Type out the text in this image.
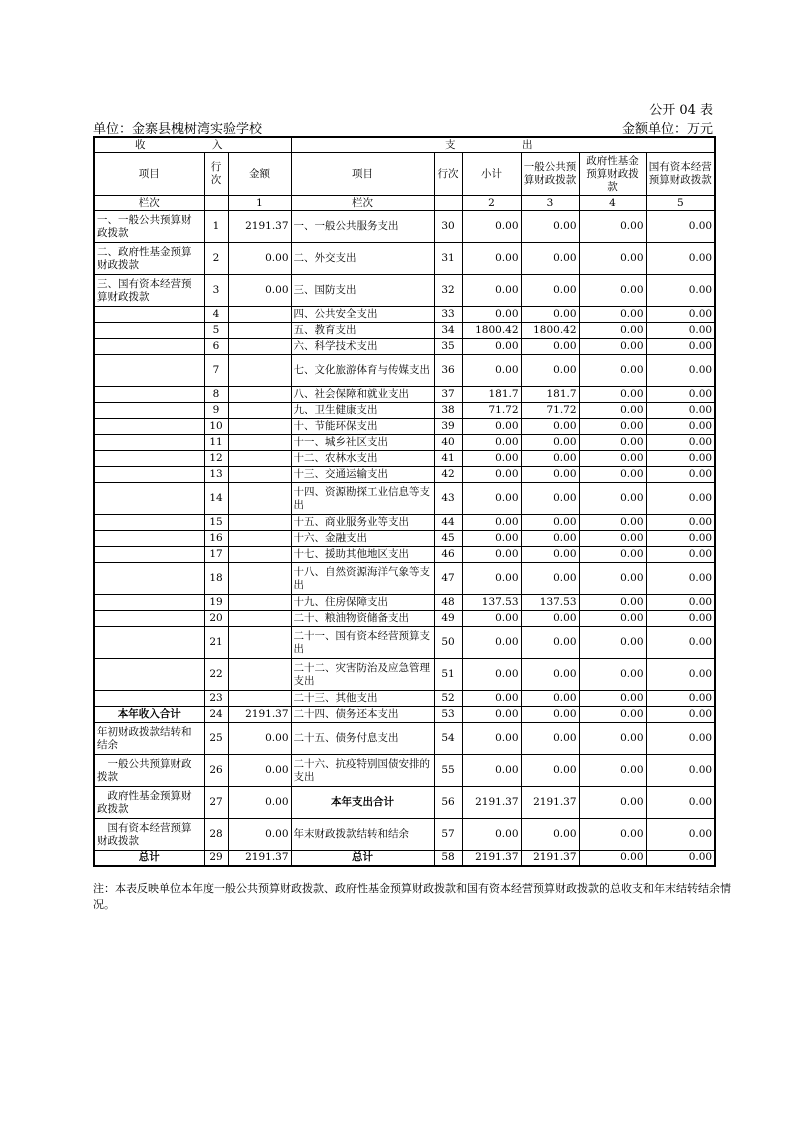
公开 04 表
单位：金寨县槐树湾实验学校	金额单位：万元
收　入			支　出					
项目	行次	金额	项目	行次	小计	一般公共预算财政拨款	政府性基金预算财政拨款	国有资本经营预算财政拨款
栏次		1	栏次		2	3	4	5
一、一般公共预算财政拨款	1	2191.37	一、一般公共服务支出	30	0.00	0.00	0.00	0.00
二、政府性基金预算财政拨款	2	0.00	二、外交支出	31	0.00	0.00	0.00	0.00
三、国有资本经营预算财政拨款	3	0.00	三、国防支出	32	0.00	0.00	0.00	0.00
	4		四、公共安全支出	33	0.00	0.00	0.00	0.00
	5		五、教育支出	34	1800.42	1800.42	0.00	0.00
	6		六、科学技术支出	35	0.00	0.00	0.00	0.00
	7		七、文化旅游体育与传媒支出	36	0.00	0.00	0.00	0.00
	8		八、社会保障和就业支出	37	181.7	181.7	0.00	0.00
	9		九、卫生健康支出	38	71.72	71.72	0.00	0.00
	10		十、节能环保支出	39	0.00	0.00	0.00	0.00
	11		十一、城乡社区支出	40	0.00	0.00	0.00	0.00
	12		十二、农林水支出	41	0.00	0.00	0.00	0.00
	13		十三、交通运输支出	42	0.00	0.00	0.00	0.00
	14		十四、资源勘探工业信息等支出	43	0.00	0.00	0.00	0.00
	15		十五、商业服务业等支出	44	0.00	0.00	0.00	0.00
	16		十六、金融支出	45	0.00	0.00	0.00	0.00
	17		十七、援助其他地区支出	46	0.00	0.00	0.00	0.00
	18		十八、自然资源海洋气象等支出	47	0.00	0.00	0.00	0.00
	19		十九、住房保障支出	48	137.53	137.53	0.00	0.00
	20		二十、粮油物资储备支出	49	0.00	0.00	0.00	0.00
	21		二十一、国有资本经营预算支出	50	0.00	0.00	0.00	0.00
	22		二十二、灾害防治及应急管理支出	51	0.00	0.00	0.00	0.00
	23		二十三、其他支出	52	0.00	0.00	0.00	0.00
本年收入合计	24	2191.37	二十四、债务还本支出	53	0.00	0.00	0.00	0.00
年初财政拨款结转和结余	25	0.00	二十五、债务付息支出	54	0.00	0.00	0.00	0.00
　一般公共预算财政拨款	26	0.00	二十六、抗疫特别国债安排的支出	55	0.00	0.00	0.00	0.00
　政府性基金预算财政拨款	27	0.00	本年支出合计	56	2191.37	2191.37	0.00	0.00
　国有资本经营预算财政拨款	28	0.00	年末财政拨款结转和结余	57	0.00	0.00	0.00	0.00
总计	29	2191.37	总计	58	2191.37	2191.37	0.00	0.00
注：本表反映单位本年度一般公共预算财政拨款、政府性基金预算财政拨款和国有资本经营预算财政拨款的总收支和年末结转结余情况。
